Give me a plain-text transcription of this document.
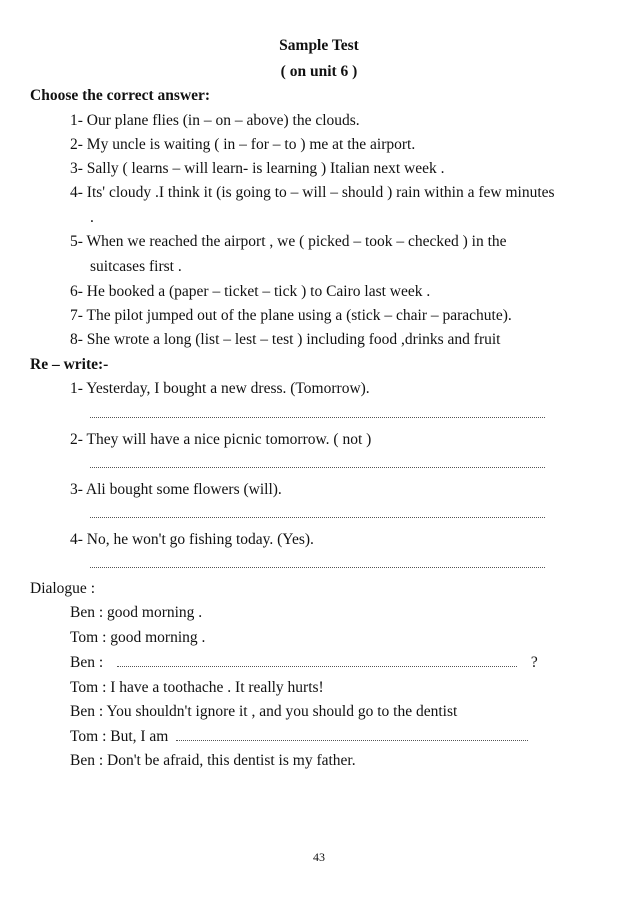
Sample Test
( on unit 6 )
Choose the correct answer:
1- Our plane flies (in – on – above) the clouds.
2- My uncle is waiting ( in – for – to ) me at the airport.
3- Sally ( learns – will learn- is learning ) Italian next week .
4- Its' cloudy .I think it (is going to – will – should ) rain within a few minutes
.
5- When we reached the airport , we ( picked – took – checked ) in the
suitcases first .
6- He booked a (paper – ticket – tick ) to Cairo last week .
7- The pilot jumped out of the plane using a (stick – chair – parachute).
8- She wrote a long (list – lest – test ) including food ,drinks and fruit
Re – write:-
1- Yesterday, I bought a new dress. (Tomorrow).
2- They will have a nice picnic tomorrow. ( not )
3- Ali bought some flowers (will).
4- No, he won't go fishing today. (Yes).
Dialogue :
Ben : good morning .
Tom : good morning .
Ben :	?
Tom : I have a toothache . It really hurts!
Ben : You shouldn't ignore it , and you should go to the dentist
Tom : But, I am
Ben : Don't be afraid, this dentist is my father.
43
